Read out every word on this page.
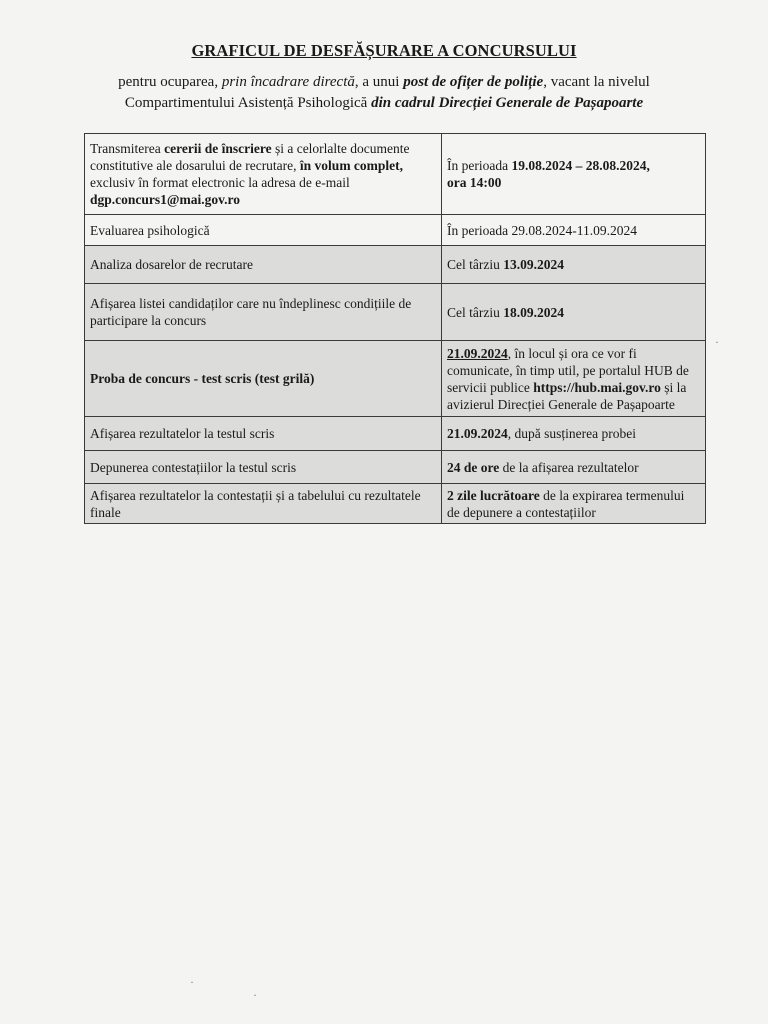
GRAFICUL DE DESFĂȘURARE A CONCURSULUI
pentru ocuparea, prin încadrare directă, a unui post de ofițer de poliție, vacant la nivelul
Compartimentului Asistență Psihologică din cadrul Direcției Generale de Pașapoarte
Transmiterea cererii de înscriere și a celorlalte documente constitutive ale dosarului de recrutare, în volum complet, exclusiv în format electronic la adresa de e-mail dgp.concurs1@mai.gov.ro	În perioada 19.08.2024 – 28.08.2024,
ora 14:00
Evaluarea psihologică	În perioada 29.08.2024-11.09.2024
Analiza dosarelor de recrutare	Cel târziu 13.09.2024
Afișarea listei candidaților care nu îndeplinesc condițiile de participare la concurs	Cel târziu 18.09.2024
Proba de concurs - test scris (test grilă)	21.09.2024, în locul și ora ce vor fi comunicate, în timp util, pe portalul HUB de servicii publice https://hub.mai.gov.ro și la avizierul Direcției Generale de Pașapoarte
Afișarea rezultatelor la testul scris	21.09.2024, după susținerea probei
Depunerea contestațiilor la testul scris	24 de ore de la afișarea rezultatelor
Afișarea rezultatelor la contestații și a tabelului cu rezultatele finale	2 zile lucrătoare de la expirarea termenului de depunere a contestațiilor
·
·
·
